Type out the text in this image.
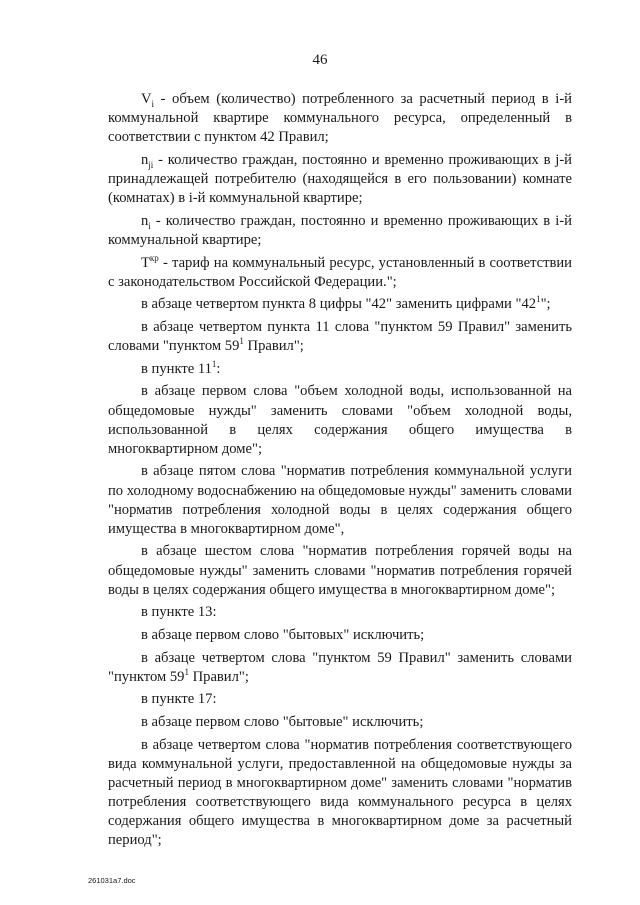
46

$V_i$ - объем (количество) потребленного за расчетный период в i-й коммунальной квартире коммунального ресурса, определенный в соответствии с пунктом 42 Правил;

$n_{ji}$ - количество граждан, постоянно и временно проживающих в j-й принадлежащей потребителю (находящейся в его пользовании) комнате (комнатах) в i-й коммунальной квартире;

$n_i$ - количество граждан, постоянно и временно проживающих в i-й коммунальной квартире;

$T^{кр}$ - тариф на коммунальный ресурс, установленный в соответствии с законодательством Российской Федерации.";

в абзаце четвертом пункта 8 цифры "42" заменить цифрами "$42^1$";

в абзаце четвертом пункта 11 слова "пунктом 59 Правил" заменить словами "пунктом $59^1$ Правил";

в пункте $11^1$:

в абзаце первом слова "объем холодной воды, использованной на общедомовые нужды" заменить словами "объем холодной воды, использованной в целях содержания общего имущества в многоквартирном доме";

в абзаце пятом слова "норматив потребления коммунальной услуги по холодному водоснабжению на общедомовые нужды" заменить словами "норматив потребления холодной воды в целях содержания общего имущества в многоквартирном доме",

в абзаце шестом слова "норматив потребления горячей воды на общедомовые нужды" заменить словами "норматив потребления горячей воды в целях содержания общего имущества в многоквартирном доме";

в пункте 13:

в абзаце первом слово "бытовых" исключить;

в абзаце четвертом слова "пунктом 59 Правил" заменить словами "пунктом $59^1$ Правил";

в пункте 17:

в абзаце первом слово "бытовые" исключить;

в абзаце четвертом слова "норматив потребления соответствующего вида коммунальной услуги, предоставленной на общедомовые нужды за расчетный период в многоквартирном доме" заменить словами "норматив потребления соответствующего вида коммунального ресурса в целях содержания общего имущества в многоквартирном доме за расчетный период";

261031a7.doc
